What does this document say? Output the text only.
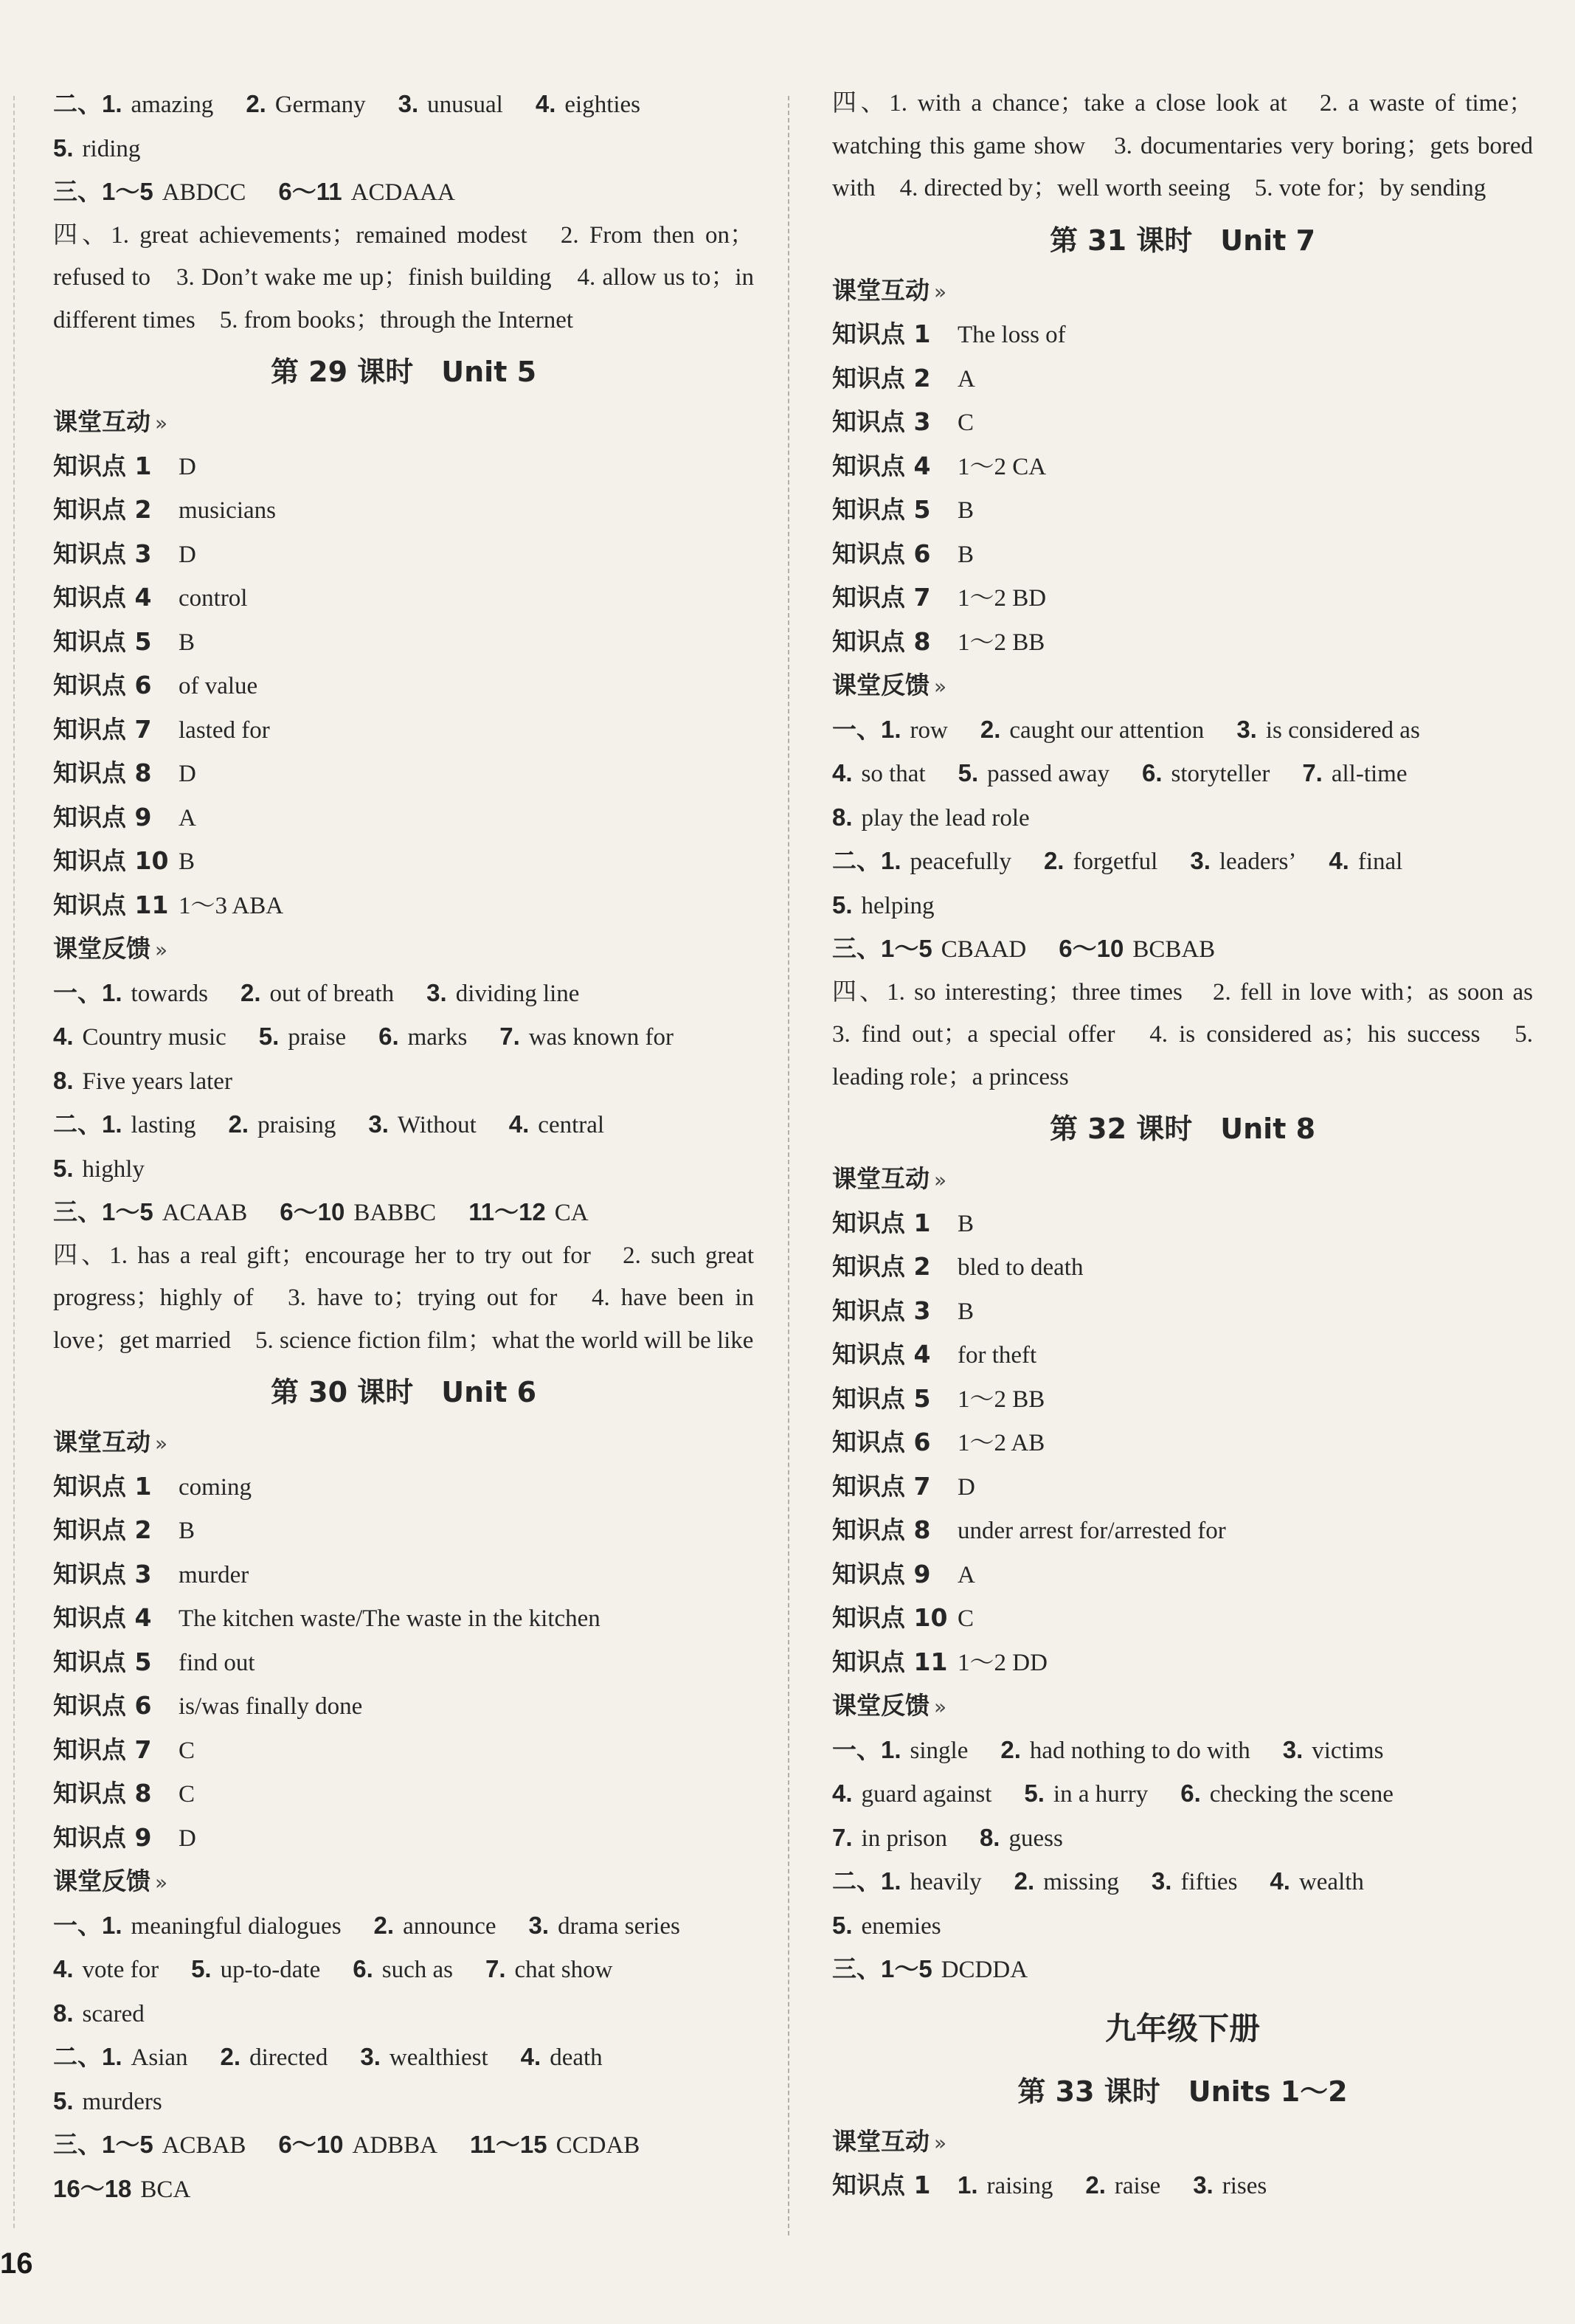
二、1. amazing 2. Germany 3. unusual 4. eighties

5. riding

三、1～5 ABDCC 6～11 ACDAAA

四、1. great achievements；remained modest　2. From then on；refused to　3. Don’t wake me up；finish building　4. allow us to；in different times　5. from books；through the Internet

第 29 课时　Unit 5

课堂互动 »

知识点 1 D

知识点 2 musicians

知识点 3 D

知识点 4 control

知识点 5 B

知识点 6 of value

知识点 7 lasted for

知识点 8 D

知识点 9 A

知识点 10 B

知识点 11 1～3 ABA

课堂反馈 »

一、1. towards 2. out of breath 3. dividing line

4. Country music 5. praise 6. marks 7. was known for

8. Five years later

二、1. lasting 2. praising 3. Without 4. central

5. highly

三、1～5 ACAAB 6～10 BABBC 11～12 CA

四、1. has a real gift；encourage her to try out for　2. such great progress；highly of　3. have to；trying out for　4. have been in love；get married　5. science fiction film；what the world will be like

第 30 课时　Unit 6

课堂互动 »

知识点 1 coming

知识点 2 B

知识点 3 murder

知识点 4 The kitchen waste/The waste in the kitchen

知识点 5 find out

知识点 6 is/was finally done

知识点 7 C

知识点 8 C

知识点 9 D

课堂反馈 »

一、1. meaningful dialogues 2. announce 3. drama series

4. vote for 5. up-to-date 6. such as 7. chat show

8. scared

二、1. Asian 2. directed 3. wealthiest 4. death

5. murders

三、1～5 ACBAB 6～10 ADBBA 11～15 CCDAB

16～18 BCA

四、1. with a chance；take a close look at　2. a waste of time；watching this game show　3. documentaries very boring；gets bored with　4. directed by；well worth seeing　5. vote for；by sending

第 31 课时　Unit 7

课堂互动 »

知识点 1 The loss of

知识点 2 A

知识点 3 C

知识点 4 1～2 CA

知识点 5 B

知识点 6 B

知识点 7 1～2 BD

知识点 8 1～2 BB

课堂反馈 »

一、1. row 2. caught our attention 3. is considered as

4. so that 5. passed away 6. storyteller 7. all-time

8. play the lead role

二、1. peacefully 2. forgetful 3. leaders’ 4. final

5. helping

三、1～5 CBAAD 6～10 BCBAB

四、1. so interesting；three times　2. fell in love with；as soon as　3. find out；a special offer　4. is considered as；his success　5. leading role；a princess

第 32 课时　Unit 8

课堂互动 »

知识点 1 B

知识点 2 bled to death

知识点 3 B

知识点 4 for theft

知识点 5 1～2 BB

知识点 6 1～2 AB

知识点 7 D

知识点 8 under arrest for/arrested for

知识点 9 A

知识点 10 C

知识点 11 1～2 DD

课堂反馈 »

一、1. single 2. had nothing to do with 3. victims

4. guard against 5. in a hurry 6. checking the scene

7. in prison 8. guess

二、1. heavily 2. missing 3. fifties 4. wealth

5. enemies

三、1～5 DCDDA

九年级下册
第 33 课时　Units 1～2

课堂互动 »

知识点 1 1. raising 2. raise 3. rises

16
